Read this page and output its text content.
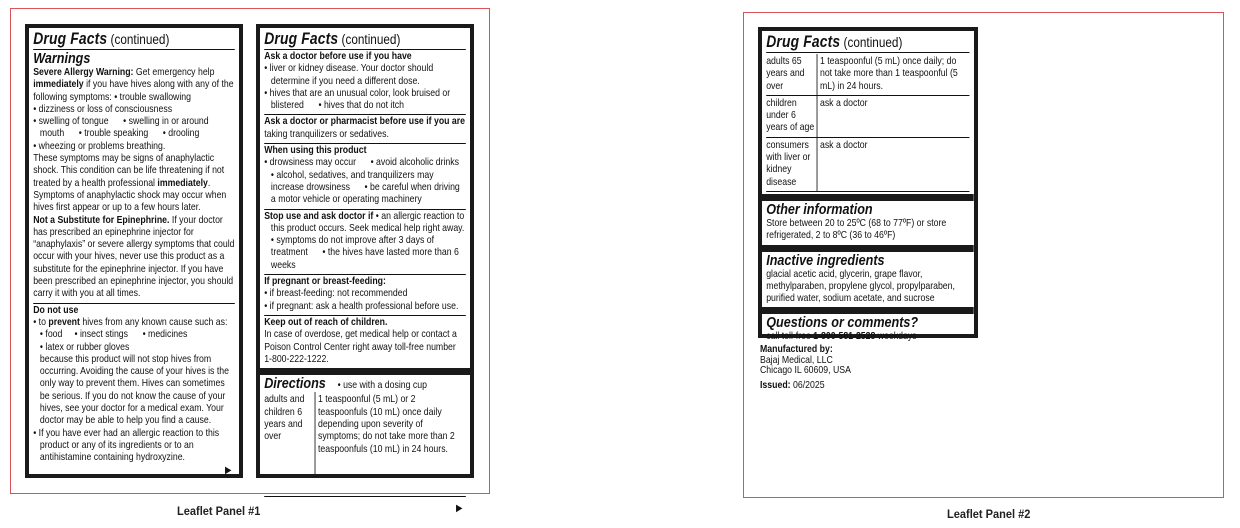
Leaflet Panel #1	Leaflet Panel #2
Drug Facts (continued)
Warnings
Severe Allergy Warning: Get emergency help immediately if you have hives along with any of the following symptoms: • trouble swallowing
• dizziness or loss of consciousness
• swelling of tongue      • swelling in or around mouth      • trouble speaking      • drooling
• wheezing or problems breathing.
These symptoms may be signs of anaphylactic shock. This condition can be life threatening if not treated by a health professional immediately. Symptoms of anaphylactic shock may occur when hives first appear or up to a few hours later.
Not a Substitute for Epinephrine. If your doctor has prescribed an epinephrine injector for “anaphylaxis” or severe allergy symptoms that could occur with your hives, never use this product as a substitute for the epinephrine injector. If you have been prescribed an epinephrine injector, you should carry it with you at all times.
Do not use
• to prevent hives from any known cause such as:
• food     • insect stings      • medicines
• latex or rubber gloves
because this product will not stop hives from occurring. Avoiding the cause of your hives is the only way to prevent them. Hives can sometimes be serious. If you do not know the cause of your hives, see your doctor for a medical exam. Your doctor may be able to help you find a cause.
• If you have ever had an allergic reaction to this product or any of its ingredients or to an antihistamine containing hydroxyzine.
▶
Drug Facts (continued)
Ask a doctor before use if you have
• liver or kidney disease. Your doctor should determine if you need a different dose.
• hives that are an unusual color, look bruised or blistered      • hives that do not itch
Ask a doctor or pharmacist before use if you are taking tranquilizers or sedatives.
When using this product
• drowsiness may occur      • avoid alcoholic drinks      • alcohol, sedatives, and tranquilizers may increase drowsiness      • be careful when driving a motor vehicle or operating machinery
Stop use and ask doctor if • an allergic reaction to this product occurs. Seek medical help right away.      • symptoms do not improve after 3 days of treatment      • the hives have lasted more than 6 weeks
If pregnant or breast-feeding:
• if breast-feeding: not recommended
• if pregnant: ask a health professional before use.
Keep out of reach of children.
In case of overdose, get medical help or contact a Poison Control Center right away toll-free number 1-800-222-1222.
Directions • use with a dosing cup
adults and children 6 years and over
1 teaspoonful (5 mL) or 2 teaspoonfuls (10 mL) once daily depending upon severity of symptoms; do not take more than 2 teaspoonfuls (10 mL) in 24 hours.
▶
Drug Facts (continued)
adults 65 years and over
1 teaspoonful (5 mL) once daily; do not take more than 1 teaspoonful (5 mL) in 24 hours.
children under 6 years of age
ask a doctor
consumers with liver or kidney disease
ask a doctor
Other information
Store between 20 to 25ºC (68 to 77ºF) or store refrigerated, 2 to 8ºC (36 to 46ºF)
Inactive ingredients
glacial acetic acid, glycerin, grape flavor, methylparaben, propylene glycol, propylparaben, purified water, sodium acetate, and sucrose
Questions or comments?
call toll-free 1-800-581-2528 weekdays
Manufactured by:
Bajaj Medical, LLC
Chicago IL 60609, USA
Issued: 06/2025
